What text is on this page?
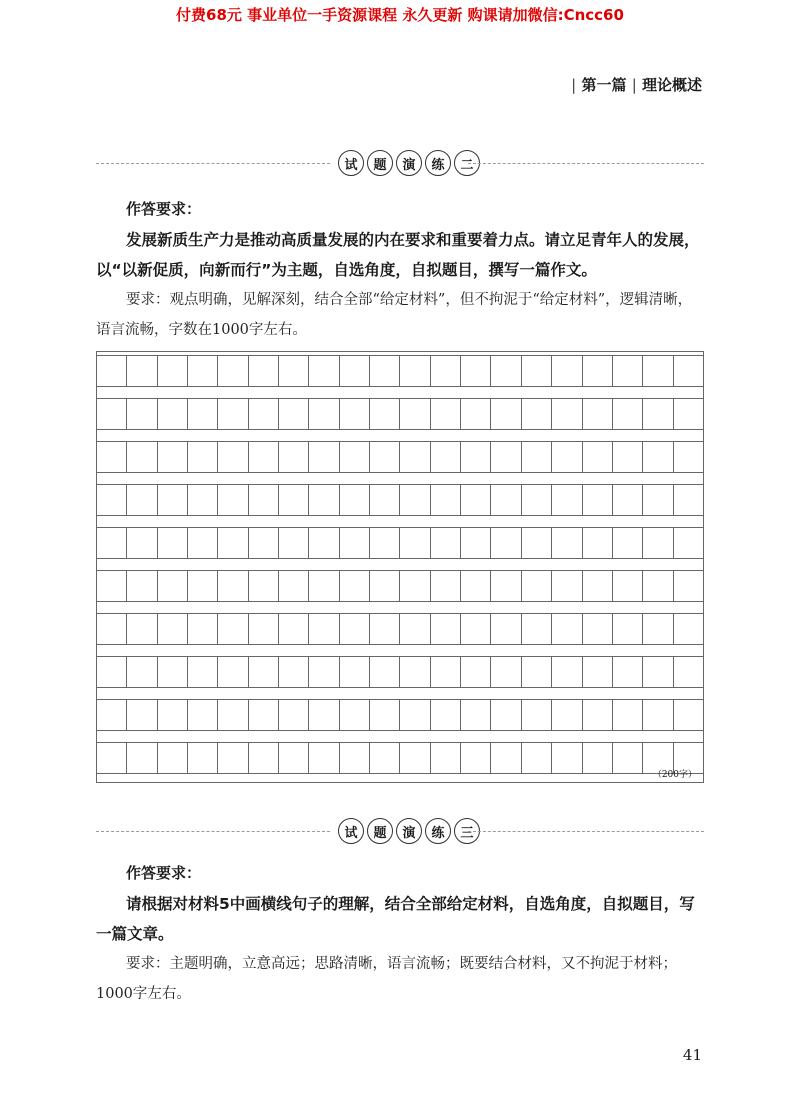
付费68元 事业单位一手资源课程 永久更新 购课请加微信:Cncc60
| 第一篇 | 理论概述
试	题	演	练	二
作答要求：
发展新质生产力是推动高质量发展的内在要求和重要着力点。请立足青年人的发展，以“以新促质，向新而行”为主题，自选角度，自拟题目，撰写一篇作文。
要求：观点明确，见解深刻，结合全部“给定材料”，但不拘泥于“给定材料”，逻辑清晰，语言流畅，字数在1000字左右。
（200字）
试	题	演	练	三
作答要求：
请根据对材料5中画横线句子的理解，结合全部给定材料，自选角度，自拟题目，写一篇文章。
要求：主题明确，立意高远；思路清晰，语言流畅；既要结合材料，又不拘泥于材料；1000字左右。
41
